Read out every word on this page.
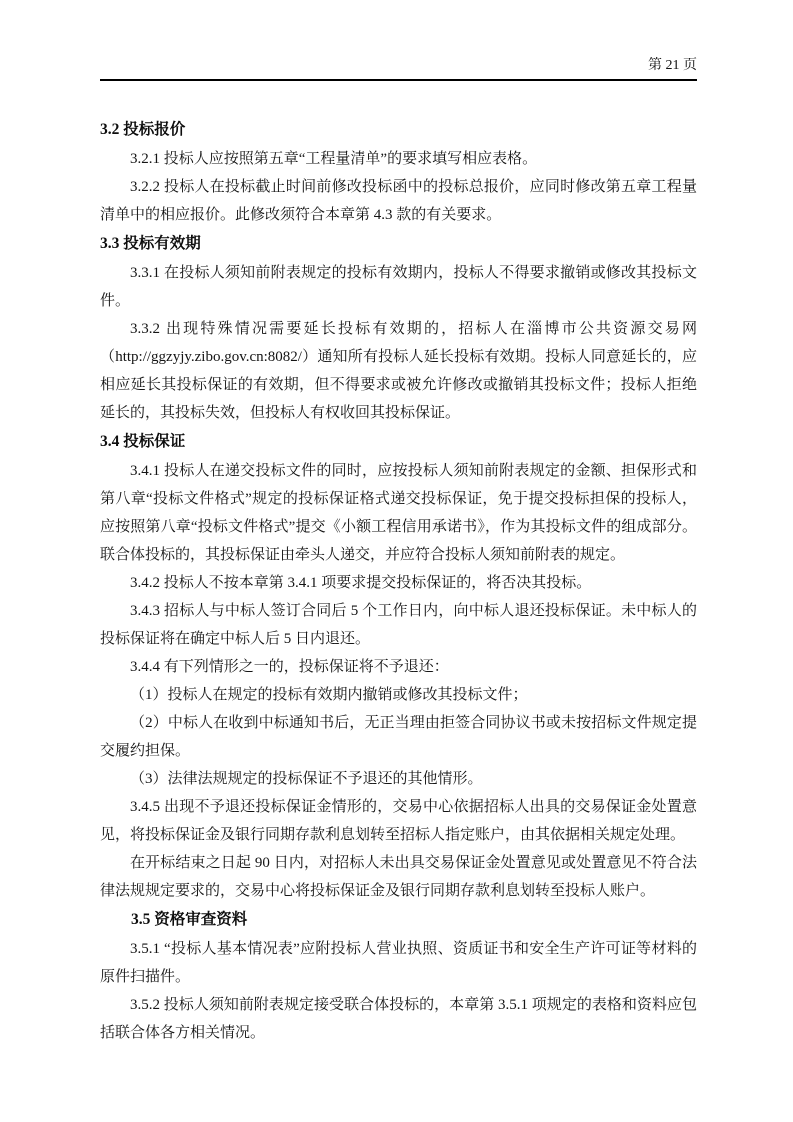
第 21 页
3.2 投标报价

3.2.1 投标人应按照第五章“工程量清单”的要求填写相应表格。

3.2.2 投标人在投标截止时间前修改投标函中的投标总报价，应同时修改第五章工程量清单中的相应报价。此修改须符合本章第 4.3 款的有关要求。

3.3 投标有效期

3.3.1 在投标人须知前附表规定的投标有效期内，投标人不得要求撤销或修改其投标文件。

3.3.2 出现特殊情况需要延长投标有效期的，招标人在淄博市公共资源交易网（http://ggzyjy.zibo.gov.cn:8082/）通知所有投标人延长投标有效期。投标人同意延长的，应相应延长其投标保证的有效期，但不得要求或被允许修改或撤销其投标文件；投标人拒绝延长的，其投标失效，但投标人有权收回其投标保证。

3.4 投标保证

3.4.1 投标人在递交投标文件的同时，应按投标人须知前附表规定的金额、担保形式和第八章“投标文件格式”规定的投标保证格式递交投标保证，免于提交投标担保的投标人，应按照第八章“投标文件格式”提交《小额工程信用承诺书》，作为其投标文件的组成部分。联合体投标的，其投标保证由牵头人递交，并应符合投标人须知前附表的规定。

3.4.2 投标人不按本章第 3.4.1 项要求提交投标保证的，将否决其投标。

3.4.3 招标人与中标人签订合同后 5 个工作日内，向中标人退还投标保证。未中标人的投标保证将在确定中标人后 5 日内退还。

3.4.4 有下列情形之一的，投标保证将不予退还：

（1）投标人在规定的投标有效期内撤销或修改其投标文件；

（2）中标人在收到中标通知书后，无正当理由拒签合同协议书或未按招标文件规定提交履约担保。

（3）法律法规规定的投标保证不予退还的其他情形。

3.4.5 出现不予退还投标保证金情形的，交易中心依据招标人出具的交易保证金处置意见，将投标保证金及银行同期存款利息划转至招标人指定账户，由其依据相关规定处理。

在开标结束之日起 90 日内，对招标人未出具交易保证金处置意见或处置意见不符合法律法规规定要求的，交易中心将投标保证金及银行同期存款利息划转至投标人账户。

3.5 资格审查资料

3.5.1 “投标人基本情况表”应附投标人营业执照、资质证书和安全生产许可证等材料的原件扫描件。

3.5.2 投标人须知前附表规定接受联合体投标的，本章第 3.5.1 项规定的表格和资料应包括联合体各方相关情况。
